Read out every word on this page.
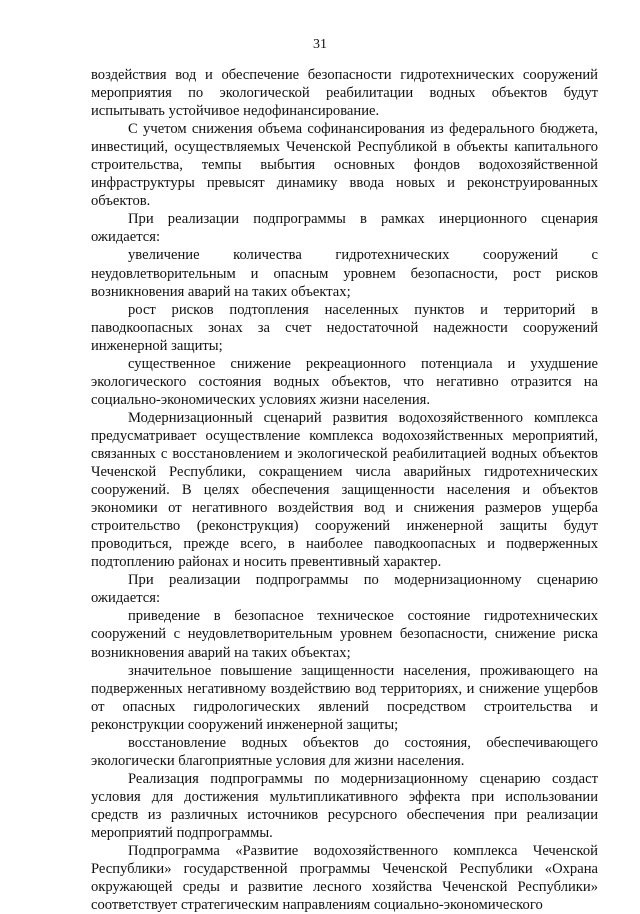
31

воздействия вод и обеспечение безопасности гидротехнических сооружений мероприятия по экологической реабилитации водных объектов будут испытывать устойчивое недофинансирование.

С учетом снижения объема софинансирования из федерального бюджета, инвестиций, осуществляемых Чеченской Республикой в объекты капитального строительства, темпы выбытия основных фондов водохозяйственной инфраструктуры превысят динамику ввода новых и реконструированных объектов.

При реализации подпрограммы в рамках инерционного сценария ожидается:

увеличение количества гидротехнических сооружений с неудовлетворительным и опасным уровнем безопасности, рост рисков возникновения аварий на таких объектах;

рост рисков подтопления населенных пунктов и территорий в паводкоопасных зонах за счет недостаточной надежности сооружений инженерной защиты;

существенное снижение рекреационного потенциала и ухудшение экологического состояния водных объектов, что негативно отразится на социально-экономических условиях жизни населения.

Модернизационный сценарий развития водохозяйственного комплекса предусматривает осуществление комплекса водохозяйственных мероприятий, связанных с восстановлением и экологической реабилитацией водных объектов Чеченской Республики, сокращением числа аварийных гидротехнических сооружений. В целях обеспечения защищенности населения и объектов экономики от негативного воздействия вод и снижения размеров ущерба строительство (реконструкция) сооружений инженерной защиты будут проводиться, прежде всего, в наиболее паводкоопасных и подверженных подтоплению районах и носить превентивный характер.

При реализации подпрограммы по модернизационному сценарию ожидается:

приведение в безопасное техническое состояние гидротехнических сооружений с неудовлетворительным уровнем безопасности, снижение риска возникновения аварий на таких объектах;

значительное повышение защищенности населения, проживающего на подверженных негативному воздействию вод территориях, и снижение ущербов от опасных гидрологических явлений посредством строительства и реконструкции сооружений инженерной защиты;

восстановление водных объектов до состояния, обеспечивающего экологически благоприятные условия для жизни населения.

Реализация подпрограммы по модернизационному сценарию создаст условия для достижения мультипликативного эффекта при использовании средств из различных источников ресурсного обеспечения при реализации мероприятий подпрограммы.

Подпрограмма «Развитие водохозяйственного комплекса Чеченской Республики» государственной программы Чеченской Республики «Охрана окружающей среды и развитие лесного хозяйства Чеченской Республики» соответствует стратегическим направлениям социально-экономического
